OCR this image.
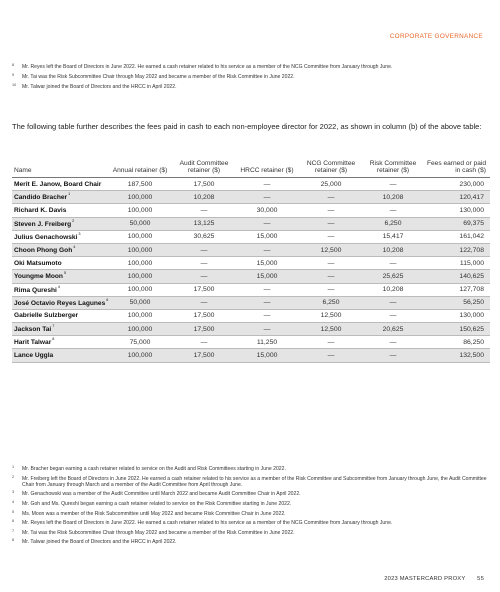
CORPORATE GOVERNANCE
8 Mr. Reyes left the Board of Directors in June 2022. He earned a cash retainer related to his service as a member of the NCG Committee from January through June.
9 Mr. Tai was the Risk Subcommittee Chair through May 2022 and became a member of the Risk Committee in June 2022.
10 Mr. Talwar joined the Board of Directors and the HRCC in April 2022.
The following table further describes the fees paid in cash to each non-employee director for 2022, as shown in column (b) of the above table:
Name	Annual retainer ($)	Audit Committee retainer ($)	HRCC retainer ($)	NCG Committee retainer ($)	Risk Committee retainer ($)	Fees earned or paid in cash ($)
Merit E. Janow, Board Chair	187,500	17,500	—	25,000	—	230,000
Candido Bracher$^1$	100,000	10,208	—	—	10,208	120,417
Richard K. Davis	100,000	—	30,000	—	—	130,000
Steven J. Freiberg$^2$	50,000	13,125	—	—	6,250	69,375
Julius Genachowski$^3$	100,000	30,625	15,000	—	15,417	161,042
Choon Phong Goh$^4$	100,000	—	—	12,500	10,208	122,708
Oki Matsumoto	100,000	—	15,000	—	—	115,000
Youngme Moon$^5$	100,000	—	15,000	—	25,625	140,625
Rima Qureshi$^4$	100,000	17,500	—	—	10,208	127,708
José Octavio Reyes Lagunes$^6$	50,000	—	—	6,250	—	56,250
Gabrielle Sulzberger	100,000	17,500	—	12,500	—	130,000
Jackson Tai$^7$	100,000	17,500	—	12,500	20,625	150,625
Harit Talwar$^8$	75,000	—	11,250	—	—	86,250
Lance Uggla	100,000	17,500	15,000	—	—	132,500
1 Mr. Bracher began earning a cash retainer related to service on the Audit and Risk Committees starting in June 2022.
2 Mr. Freiberg left the Board of Directors in June 2022. He earned a cash retainer related to his service as a member of the Risk Committee and Subcommittee from January through June, the Audit Committee Chair from January through March and a member of the Audit Committee from April through June.
3 Mr. Genachowski was a member of the Audit Committee until March 2022 and became Audit Committee Chair in April 2022.
4 Mr. Goh and Ms. Qureshi began earning a cash retainer related to service on the Risk Committee starting in June 2022.
5 Ms. Moon was a member of the Risk Subcommittee until May 2022 and became Risk Committee Chair in June 2022.
6 Mr. Reyes left the Board of Directors in June 2022. He earned a cash retainer related to his service as a member of the NCG Committee from January through June.
7 Mr. Tai was the Risk Subcommittee Chair through May 2022 and became a member of the Risk Committee in June 2022.
8 Mr. Talwar joined the Board of Directors and the HRCC in April 2022.
2023 MASTERCARD PROXY 55
